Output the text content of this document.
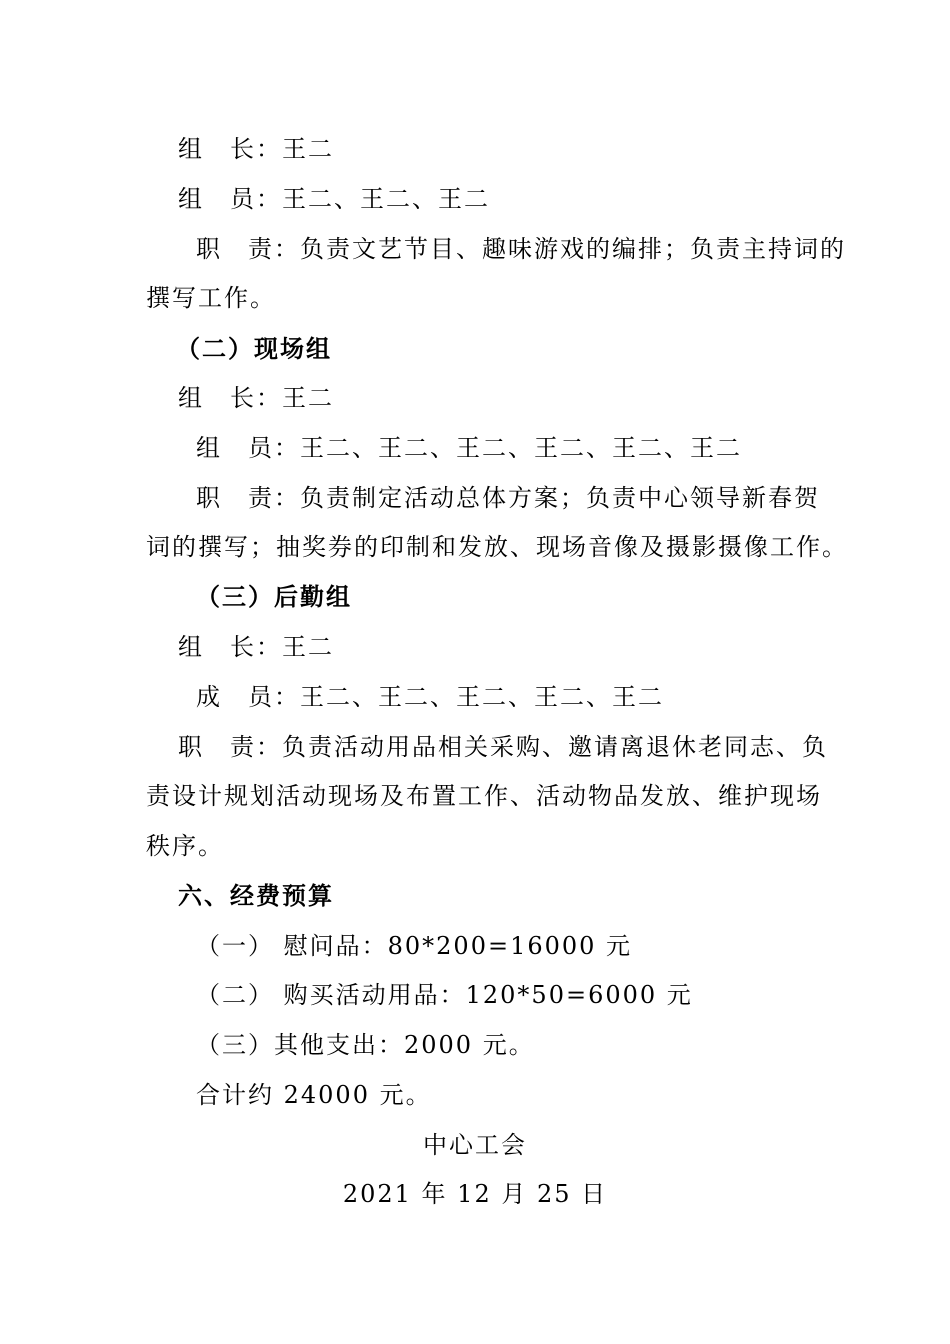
组　长：王二
组　员：王二、王二、王二
职　责：负责文艺节目、趣味游戏的编排；负责主持词的
撰写工作。
（二）现场组
组　长：王二
组　员：王二、王二、王二、王二、王二、王二
职　责：负责制定活动总体方案；负责中心领导新春贺
词的撰写；抽奖券的印制和发放、现场音像及摄影摄像工作。
（三）后勤组
组　长：王二
成　员：王二、王二、王二、王二、王二
职　责：负责活动用品相关采购、邀请离退休老同志、负
责设计规划活动现场及布置工作、活动物品发放、维护现场
秩序。
六、经费预算
（一） 慰问品：80*200=16000 元
（二） 购买活动用品：120*50=6000 元
（三）其他支出：2000 元。
合计约 24000 元。
中心工会
2021 年 12 月 25 日
